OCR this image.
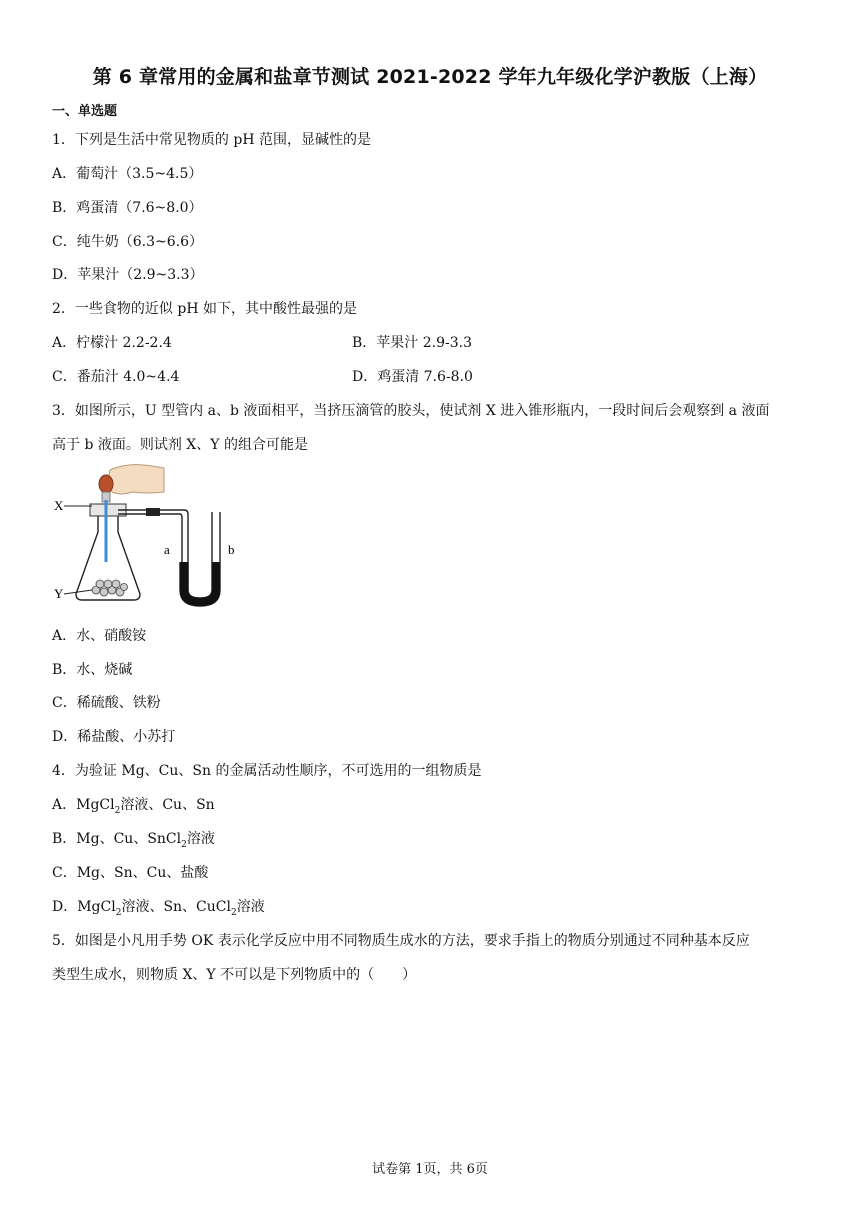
第 6 章常用的金属和盐章节测试 2021-2022 学年九年级化学沪教版（上海）
一、单选题
1．下列是生活中常见物质的 pH 范围，显碱性的是
A．葡萄汁（3.5~4.5）
B．鸡蛋清（7.6~8.0）
C．纯牛奶（6.3~6.6）
D．苹果汁（2.9~3.3）
2．一些食物的近似 pH 如下，其中酸性最强的是
A．柠檬汁 2.2-2.4	B．苹果汁 2.9-3.3
C．番茄汁 4.0~4.4	D．鸡蛋清 7.6-8.0
3．如图所示，U 型管内 a、b 液面相平，当挤压滴管的胶头，使试剂 X 进入锥形瓶内，一段时间后会观察到 a 液面
高于 b 液面。则试剂 X、Y 的组合可能是
X
Y
a	b
A．水、硝酸铵
B．水、烧碱
C．稀硫酸、铁粉
D．稀盐酸、小苏打
4．为验证 Mg、Cu、Sn 的金属活动性顺序，不可选用的一组物质是
A．MgCl$_2$溶液、Cu、Sn
B．Mg、Cu、SnCl$_2$溶液
C．Mg、Sn、Cu、盐酸
D．MgCl$_2$溶液、Sn、CuCl$_2$溶液
5．如图是小凡用手势 OK 表示化学反应中用不同物质生成水的方法，要求手指上的物质分别通过不同种基本反应
类型生成水，则物质 X、Y 不可以是下列物质中的（　　）
试卷第 1页，共 6页
